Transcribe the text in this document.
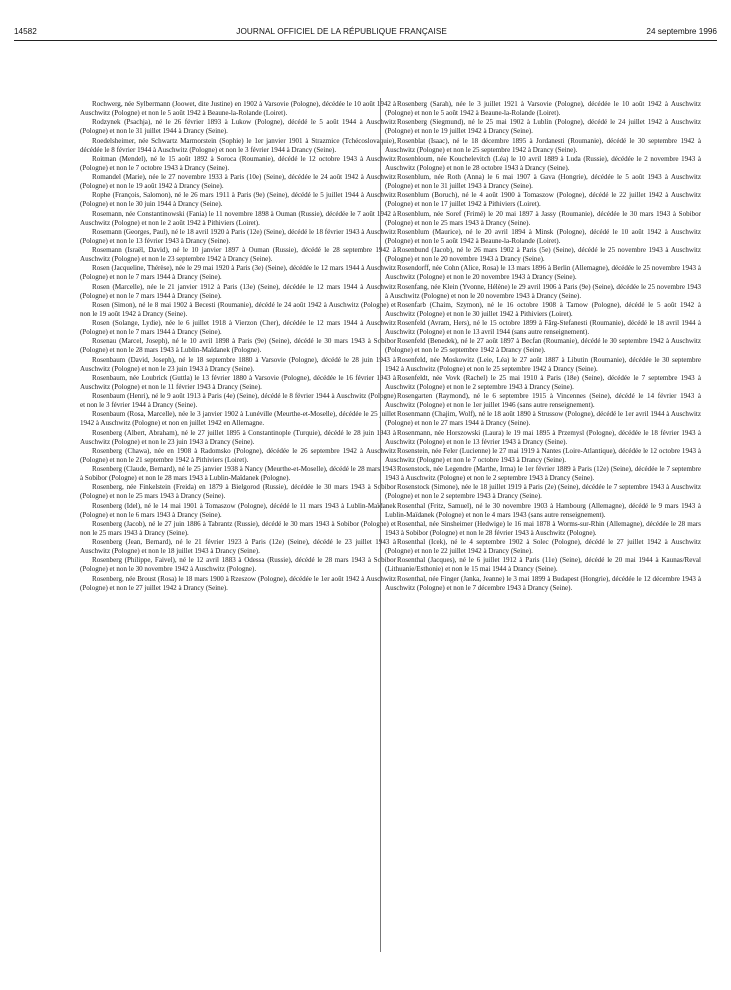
14582	JOURNAL OFFICIEL DE LA RÉPUBLIQUE FRANÇAISE	24 septembre 1996

Rochwerg, née Sylbermann (Joowet, dite Justine) en 1902 à Varsovie (Pologne), décédée le 10 août 1942 à Auschwitz (Pologne) et non le 5 août 1942 à Beaune-la-Rolande (Loiret).

Rodzynek (Psachja), né le 26 février 1893 à Lukow (Pologne), décédé le 5 août 1944 à Auschwitz (Pologne) et non le 31 juillet 1944 à Drancy (Seine).

Roedelsheimer, née Schwartz Marmorstein (Sophie) le 1er janvier 1901 à Strazmice (Tchécoslovaquie), décédée le 8 février 1944 à Auschwitz (Pologne) et non le 3 février 1944 à Drancy (Seine).

Roitman (Mendel), né le 15 août 1892 à Soroca (Roumanie), décédé le 12 octobre 1943 à Auschwitz (Pologne) et non le 7 octobre 1943 à Drancy (Seine).

Romandel (Marie), née le 27 novembre 1933 à Paris (10e) (Seine), décédée le 24 août 1942 à Auschwitz (Pologne) et non le 19 août 1942 à Drancy (Seine).

Rophe (François, Salomon), né le 26 mars 1911 à Paris (9e) (Seine), décédé le 5 juillet 1944 à Auschwitz (Pologne) et non le 30 juin 1944 à Drancy (Seine).

Rosemann, née Constantinowski (Fania) le 11 novembre 1898 à Ouman (Russie), décédée le 7 août 1942 à Auschwitz (Pologne) et non le 2 août 1942 à Pithiviers (Loiret).

Rosemann (Georges, Paul), né le 18 avril 1920 à Paris (12e) (Seine), décédé le 18 février 1943 à Auschwitz (Pologne) et non le 13 février 1943 à Drancy (Seine).

Rosemann (Israël, David), né le 10 janvier 1897 à Ouman (Russie), décédé le 28 septembre 1942 à Auschwitz (Pologne) et non le 23 septembre 1942 à Drancy (Seine).

Rosen (Jacqueline, Thérèse), née le 29 mai 1920 à Paris (3e) (Seine), décédée le 12 mars 1944 à Auschwitz (Pologne) et non le 7 mars 1944 à Drancy (Seine).

Rosen (Marcelle), née le 21 janvier 1912 à Paris (13e) (Seine), décédée le 12 mars 1944 à Auschwitz (Pologne) et non le 7 mars 1944 à Drancy (Seine).

Rosen (Simon), né le 8 mai 1902 à Becesti (Roumanie), décédé le 24 août 1942 à Auschwitz (Pologne) et non le 19 août 1942 à Drancy (Seine).

Rosen (Solange, Lydie), née le 6 juillet 1918 à Vierzon (Cher), décédée le 12 mars 1944 à Auschwitz (Pologne) et non le 7 mars 1944 à Drancy (Seine).

Rosenau (Marcel, Joseph), né le 10 avril 1898 à Paris (9e) (Seine), décédé le 30 mars 1943 à Sobibor (Pologne) et non le 28 mars 1943 à Lublin-Maïdanek (Pologne).

Rosenbaum (David, Joseph), né le 18 septembre 1880 à Varsovie (Pologne), décédé le 28 juin 1943 à Auschwitz (Pologne) et non le 23 juin 1943 à Drancy (Seine).

Rosenbaum, née Loubrick (Guttla) le 13 février 1880 à Varsovie (Pologne), décédée le 16 février 1943 à Auschwitz (Pologne) et non le 11 février 1943 à Drancy (Seine).

Rosenbaum (Henri), né le 9 août 1913 à Paris (4e) (Seine), décédé le 8 février 1944 à Auschwitz (Pologne) et non le 3 février 1944 à Drancy (Seine).

Rosenbaum (Rosa, Marcelle), née le 3 janvier 1902 à Lunéville (Meurthe-et-Moselle), décédée le 25 juillet 1942 à Auschwitz (Pologne) et non en juillet 1942 en Allemagne.

Rosenberg (Albert, Abraham), né le 27 juillet 1895 à Constantinople (Turquie), décédé le 28 juin 1943 à Auschwitz (Pologne) et non le 23 juin 1943 à Drancy (Seine).

Rosenberg (Chawa), née en 1908 à Radomsko (Pologne), décédée le 26 septembre 1942 à Auschwitz (Pologne) et non le 21 septembre 1942 à Pithiviers (Loiret).

Rosenberg (Claude, Bernard), né le 25 janvier 1938 à Nancy (Meurthe-et-Moselle), décédé le 28 mars 1943 à Sobibor (Pologne) et non le 28 mars 1943 à Lublin-Maïdanek (Pologne).

Rosenberg, née Finkelstein (Freida) en 1879 à Bielgorod (Russie), décédée le 30 mars 1943 à Sobibor (Pologne) et non le 25 mars 1943 à Drancy (Seine).

Rosenberg (Idel), né le 14 mai 1901 à Tomaszow (Pologne), décédé le 11 mars 1943 à Lublin-Maïdanek (Pologne) et non le 6 mars 1943 à Drancy (Seine).

Rosenberg (Jacob), né le 27 juin 1886 à Tabrantz (Russie), décédé le 30 mars 1943 à Sobibor (Pologne) et non le 25 mars 1943 à Drancy (Seine).

Rosenberg (Jean, Bernard), né le 21 février 1923 à Paris (12e) (Seine), décédé le 23 juillet 1943 à Auschwitz (Pologne) et non le 18 juillet 1943 à Drancy (Seine).

Rosenberg (Philippe, Faivel), né le 12 avril 1883 à Odessa (Russie), décédé le 28 mars 1943 à Sobibor (Pologne) et non le 30 novembre 1942 à Auschwitz (Pologne).

Rosenberg, née Broust (Rosa) le 18 mars 1900 à Rzeszow (Pologne), décédée le 1er août 1942 à Auschwitz (Pologne) et non le 27 juillet 1942 à Drancy (Seine).

Rosenberg (Sarah), née le 3 juillet 1921 à Varsovie (Pologne), décédée le 10 août 1942 à Auschwitz (Pologne) et non le 5 août 1942 à Beaune-la-Rolande (Loiret).

Rosenberg (Siegmund), né le 25 mai 1902 à Lublin (Pologne), décédé le 24 juillet 1942 à Auschwitz (Pologne) et non le 19 juillet 1942 à Drancy (Seine).

Rosenblat (Isaac), né le 18 décembre 1895 à Jordanesti (Roumanie), décédé le 30 septembre 1942 à Auschwitz (Pologne) et non le 25 septembre 1942 à Drancy (Seine).

Rosenbloum, née Kouchelevitch (Léa) le 10 avril 1889 à Luda (Russie), décédée le 2 novembre 1943 à Auschwitz (Pologne) et non le 28 octobre 1943 à Drancy (Seine).

Rosenblum, née Roth (Anna) le 6 mai 1907 à Gava (Hongrie), décédée le 5 août 1943 à Auschwitz (Pologne) et non le 31 juillet 1943 à Drancy (Seine).

Rosenblum (Boruch), né le 4 août 1900 à Tomaszow (Pologne), décédé le 22 juillet 1942 à Auschwitz (Pologne) et non le 17 juillet 1942 à Pithiviers (Loiret).

Rosenblum, née Soref (Frimé) le 20 mai 1897 à Jassy (Roumanie), décédée le 30 mars 1943 à Sobibor (Pologne) et non le 25 mars 1943 à Drancy (Seine).

Rosenblum (Maurice), né le 20 avril 1894 à Minsk (Pologne), décédé le 10 août 1942 à Auschwitz (Pologne) et non le 5 août 1942 à Beaune-la-Rolande (Loiret).

Rosenbund (Jacob), né le 26 mars 1902 à Paris (5e) (Seine), décédé le 25 novembre 1943 à Auschwitz (Pologne) et non le 20 novembre 1943 à Drancy (Seine).

Rosendorff, née Cohn (Alice, Rosa) le 13 mars 1896 à Berlin (Allemagne), décédée le 25 novembre 1943 à Auschwitz (Pologne) et non le 20 novembre 1943 à Drancy (Seine).

Rosenfang, née Klein (Yvonne, Hélène) le 29 avril 1906 à Paris (9e) (Seine), décédée le 25 novembre 1943 à Auschwitz (Pologne) et non le 20 novembre 1943 à Drancy (Seine).

Rosenfarb (Chaim, Szymon), né le 16 octobre 1908 à Tarnow (Pologne), décédé le 5 août 1942 à Auschwitz (Pologne) et non le 30 juillet 1942 à Pithiviers (Loiret).

Rosenfeld (Avram, Hers), né le 15 octobre 1899 à Fărg-Stefanesti (Roumanie), décédé le 18 avril 1944 à Auschwitz (Pologne) et non le 13 avril 1944 (sans autre renseignement).

Rosenfeld (Benedek), né le 27 août 1897 à Becfan (Roumanie), décédé le 30 septembre 1942 à Auschwitz (Pologne) et non le 25 septembre 1942 à Drancy (Seine).

Rosenfeld, née Moskowitz (Leie, Léa) le 27 août 1887 à Libutin (Roumanie), décédée le 30 septembre 1942 à Auschwitz (Pologne) et non le 25 septembre 1942 à Drancy (Seine).

Rosenfeldt, née Vovk (Rachel) le 25 mai 1910 à Paris (18e) (Seine), décédée le 7 septembre 1943 à Auschwitz (Pologne) et non le 2 septembre 1943 à Drancy (Seine).

Rosengarten (Raymond), né le 6 septembre 1915 à Vincennes (Seine), décédé le 14 février 1943 à Auschwitz (Pologne) et non le 1er juillet 1946 (sans autre renseignement).

Rosenmann (Chajim, Wolf), né le 18 août 1890 à Strussow (Pologne), décédé le 1er avril 1944 à Auschwitz (Pologne) et non le 27 mars 1944 à Drancy (Seine).

Rosenmann, née Horszowski (Laura) le 19 mai 1895 à Przemysl (Pologne), décédée le 18 février 1943 à Auschwitz (Pologne) et non le 13 février 1943 à Drancy (Seine).

Rosenstein, née Feler (Lucienne) le 27 mai 1919 à Nantes (Loire-Atlantique), décédée le 12 octobre 1943 à Auschwitz (Pologne) et non le 7 octobre 1943 à Drancy (Seine).

Rosenstock, née Legendre (Marthe, Irma) le 1er février 1889 à Paris (12e) (Seine), décédée le 7 septembre 1943 à Auschwitz (Pologne) et non le 2 septembre 1943 à Drancy (Seine).

Rosenstock (Simone), née le 18 juillet 1919 à Paris (2e) (Seine), décédée le 7 septembre 1943 à Auschwitz (Pologne) et non le 2 septembre 1943 à Drancy (Seine).

Rosenthal (Fritz, Samuel), né le 30 novembre 1903 à Hambourg (Allemagne), décédé le 9 mars 1943 à Lublin-Maïdanek (Pologne) et non le 4 mars 1943 (sans autre renseignement).

Rosenthal, née Sinsheimer (Hedwige) le 16 mai 1878 à Worms-sur-Rhin (Allemagne), décédée le 28 mars 1943 à Sobibor (Pologne) et non le 28 février 1943 à Auschwitz (Pologne).

Rosenthal (Icek), né le 4 septembre 1902 à Solec (Pologne), décédé le 27 juillet 1942 à Auschwitz (Pologne) et non le 22 juillet 1942 à Drancy (Seine).

Rosenthal (Jacques), né le 6 juillet 1912 à Paris (11e) (Seine), décédé le 20 mai 1944 à Kaunas/Reval (Lithuanie/Esthonie) et non le 15 mai 1944 à Drancy (Seine).

Rosenthal, née Finger (Janka, Jeanne) le 3 mai 1899 à Budapest (Hongrie), décédée le 12 décembre 1943 à Auschwitz (Pologne) et non le 7 décembre 1943 à Drancy (Seine).
